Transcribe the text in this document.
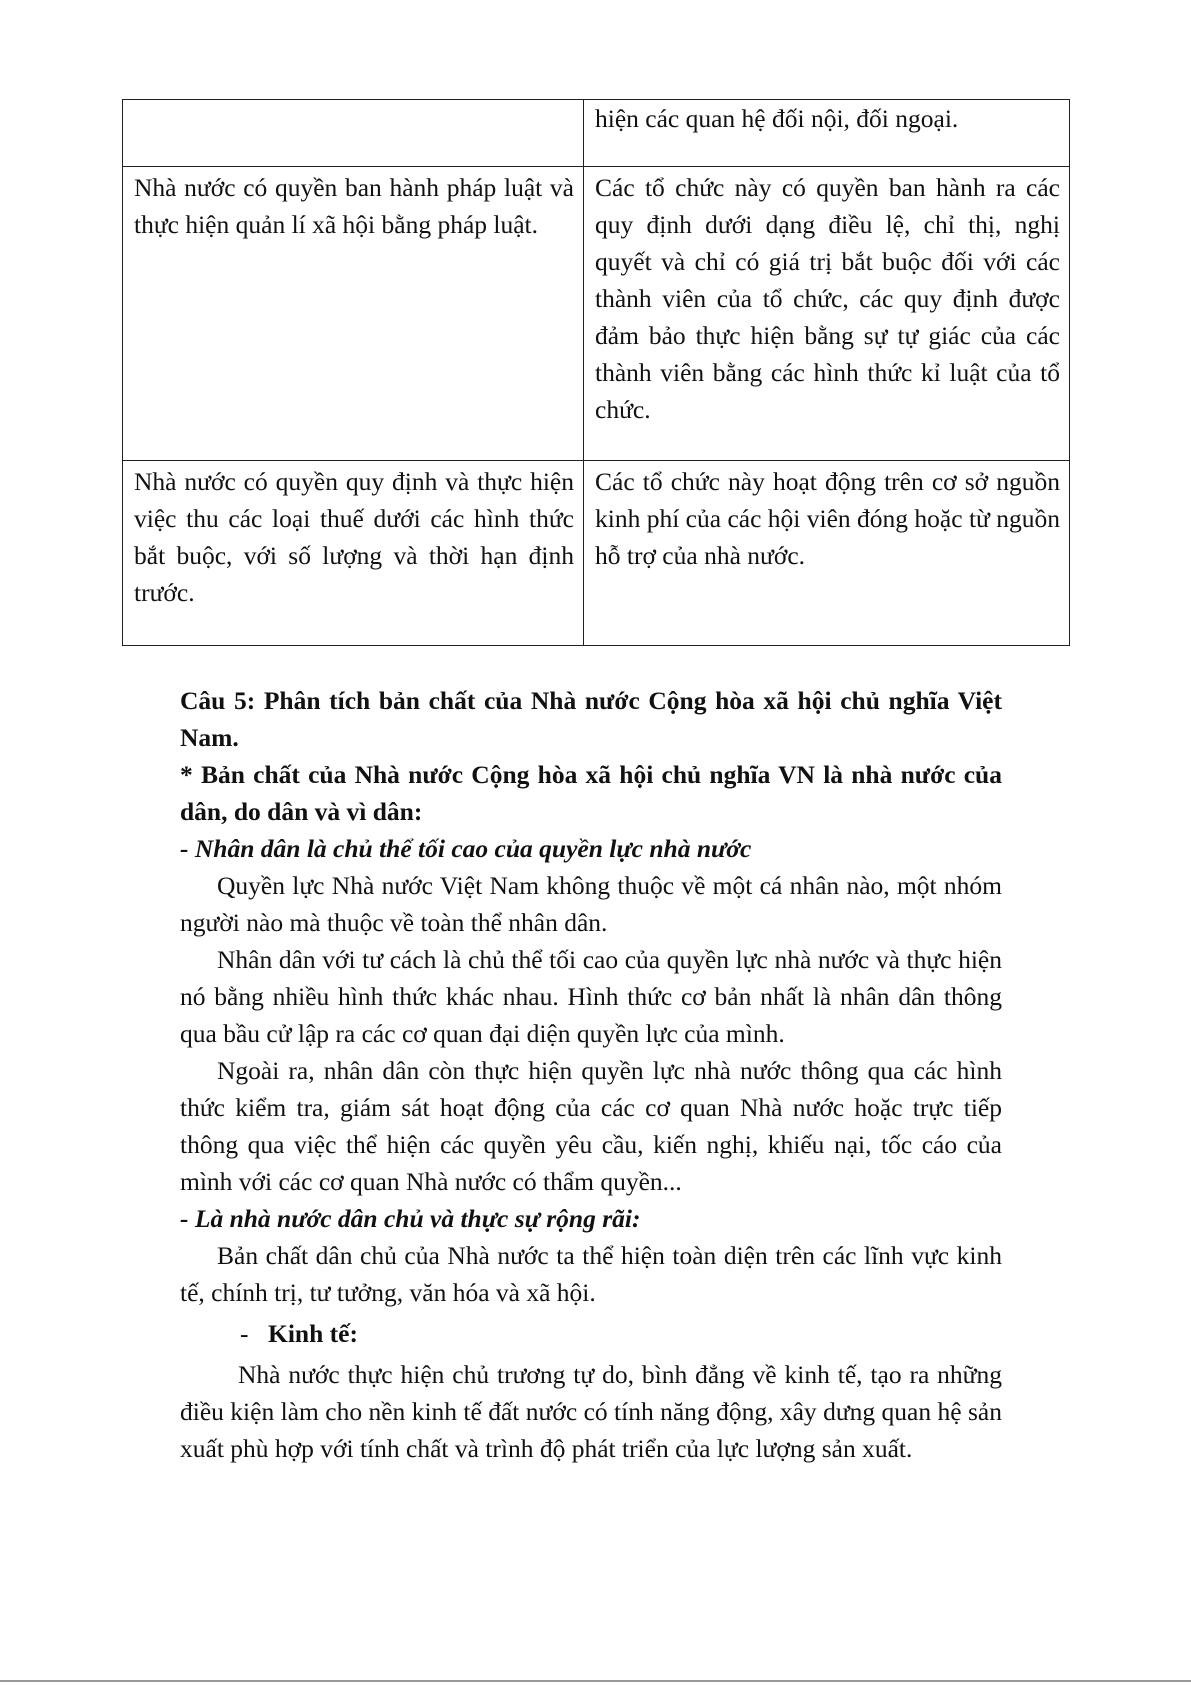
	hiện các quan hệ đối nội, đối ngoại.
Nhà nước có quyền ban hành pháp luật và thực hiện quản lí xã hội bằng pháp luật.	Các tổ chức này có quyền ban hành ra các quy định dưới dạng điều lệ, chỉ thị, nghị quyết và chỉ có giá trị bắt buộc đối với các thành viên của tổ chức, các quy định được đảm bảo thực hiện bằng sự tự giác của các thành viên bằng các hình thức kỉ luật của tổ chức.
Nhà nước có quyền quy định và thực hiện việc thu các loại thuế dưới các hình thức bắt buộc, với số lượng và thời hạn định trước.	Các tổ chức này hoạt động trên cơ sở nguồn kinh phí của các hội viên đóng hoặc từ nguồn hỗ trợ của nhà nước.

Câu 5: Phân tích bản chất của Nhà nước Cộng hòa xã hội chủ nghĩa Việt Nam.

* Bản chất của Nhà nước Cộng hòa xã hội chủ nghĩa VN là nhà nước của dân, do dân và vì dân:

- Nhân dân là chủ thể tối cao của quyền lực nhà nước

Quyền lực Nhà nước Việt Nam không thuộc về một cá nhân nào, một nhóm người nào mà thuộc về toàn thể nhân dân.

Nhân dân với tư cách là chủ thể tối cao của quyền lực nhà nước và thực hiện nó bằng nhiều hình thức khác nhau. Hình thức cơ bản nhất là nhân dân thông qua bầu cử lập ra các cơ quan đại diện quyền lực của mình.

Ngoài ra, nhân dân còn thực hiện quyền lực nhà nước thông qua các hình thức kiểm tra, giám sát hoạt động của các cơ quan Nhà nước hoặc trực tiếp thông qua việc thể hiện các quyền yêu cầu, kiến nghị, khiếu nại, tốc cáo của mình với các cơ quan Nhà nước có thẩm quyền...

- Là nhà nước dân chủ và thực sự rộng rãi:

Bản chất dân chủ của Nhà nước ta thể hiện toàn diện trên các lĩnh vực kinh tế, chính trị, tư tưởng, văn hóa và xã hội.

- Kinh tế:

Nhà nước thực hiện chủ trương tự do, bình đẳng về kinh tế, tạo ra những điều kiện làm cho nền kinh tế đất nước có tính năng động, xây dưng quan hệ sản xuất phù hợp với tính chất và trình độ phát triển của lực lượng sản xuất.
